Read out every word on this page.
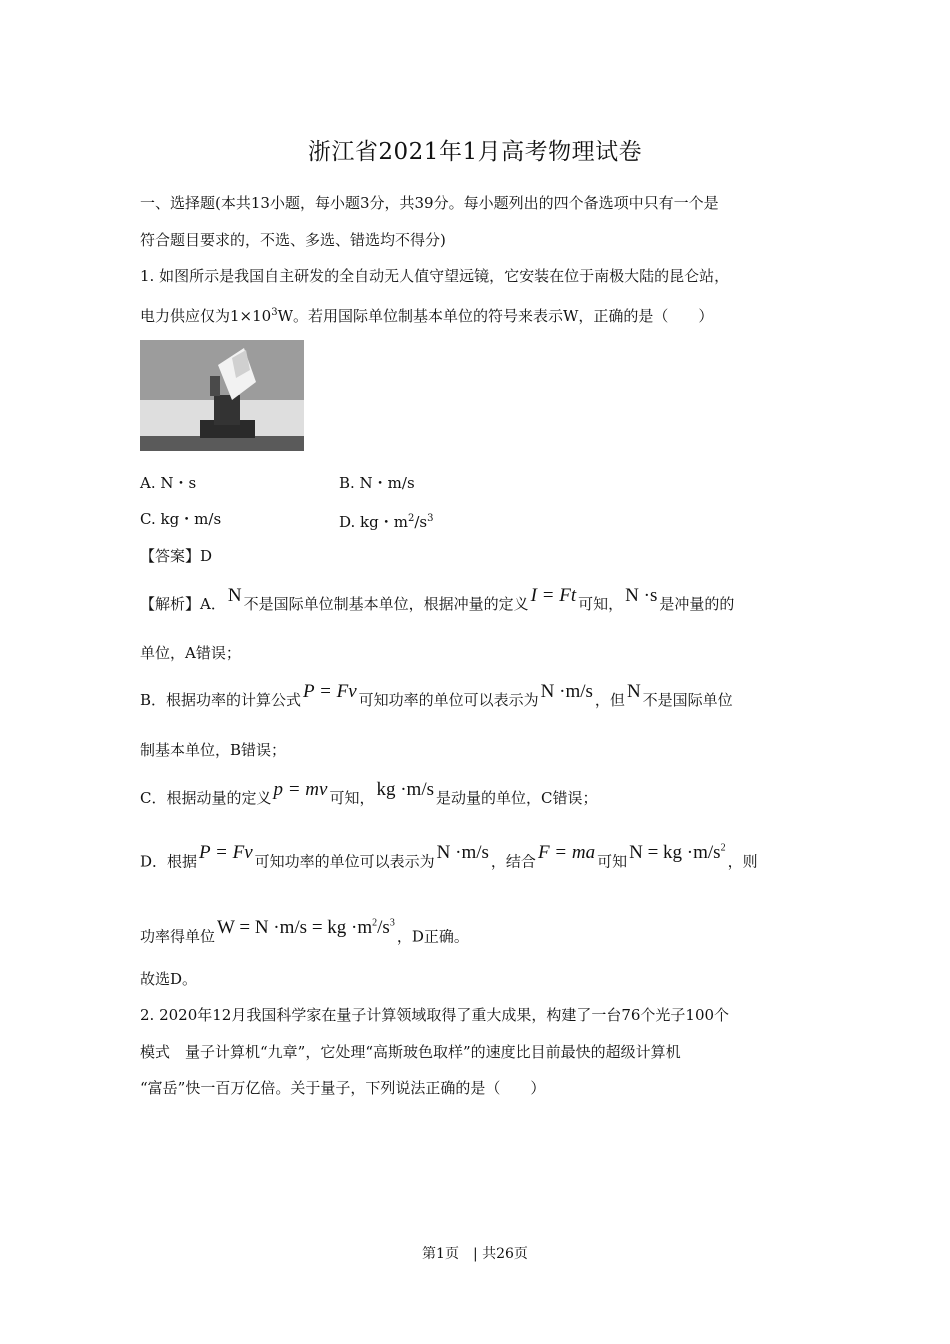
浙江省2021年1月高考物理试卷
一、选择题(本共13小题，每小题3分，共39分。每小题列出的四个备选项中只有一个是
符合题目要求的，不选、多选、错选均不得分)
1. 如图所示是我国自主研发的全自动无人值守望远镜，它安装在位于南极大陆的昆仑站，
电力供应仅为$1\times 10^3W$。若用国际单位制基本单位的符号来表示W，正确的是（　　）
A. N・s	B. N・m/s
C. kg・m/s	D. kg・$m^2/s^3$
【答案】D
【解析】A． N 不是国际单位制基本单位，根据冲量的定义 I = Ft 可知， N ·s 是冲量的的
单位，A错误；
B．根据功率的计算公式 P = Fv 可知功率的单位可以表示为 N ·m/s ，但 N 不是国际单位
制基本单位，B错误；
C．根据动量的定义 p = mv 可知， kg ·m/s 是动量的单位，C错误；
D．根据 P = Fv 可知功率的单位可以表示为 N ·m/s ，结合 F = ma 可知 N = kg $\cdot m/s^2$，则
功率得单位 W = N ·m/s = kg $\cdot m^2/s^3$，D正确。
故选D。
2. 2020年12月我国科学家在量子计算领域取得了重大成果，构建了一台76个光子100个
模式　量子计算机“九章”，它处理“高斯玻色取样”的速度比目前最快的超级计算机
“富岳”快一百万亿倍。关于量子，下列说法正确的是（　　）
第1页　| 共26页
